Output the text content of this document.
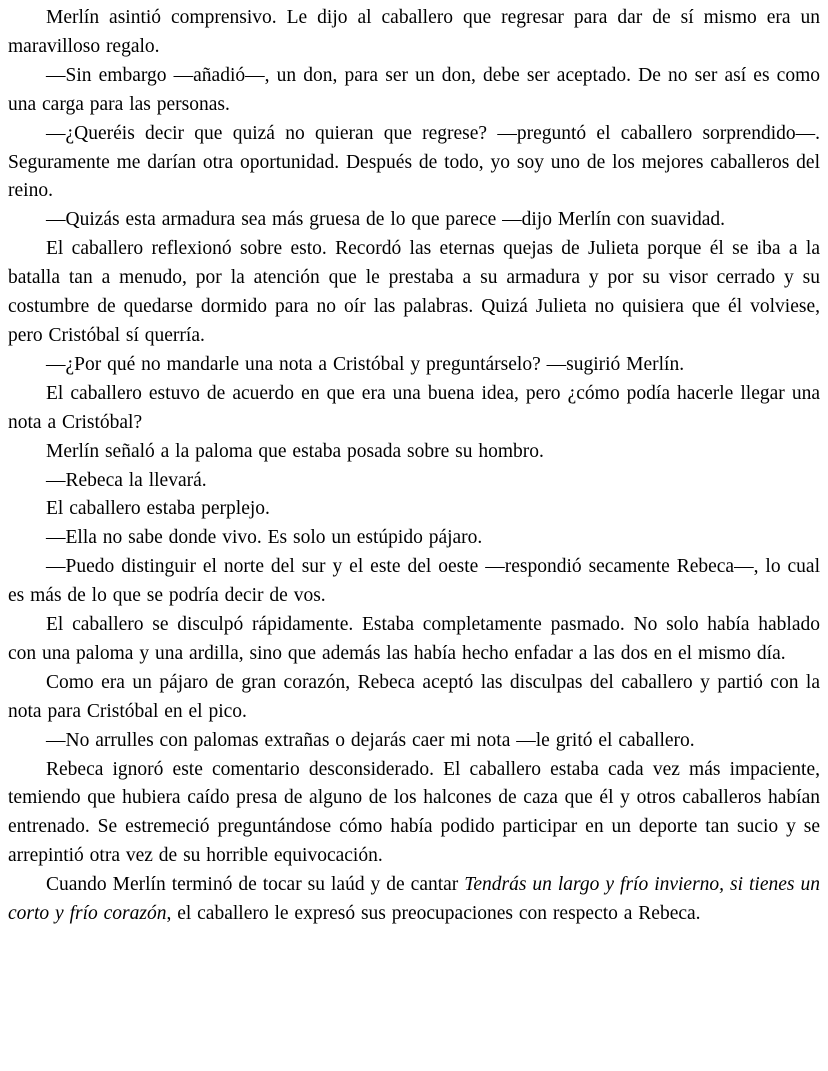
Merlín asintió comprensivo. Le dijo al caballero que regresar para dar de sí mismo era un maravilloso regalo.

—Sin embargo —añadió—, un don, para ser un don, debe ser aceptado. De no ser así es como una carga para las personas.

—¿Queréis decir que quizá no quieran que regrese? —preguntó el caballero sorprendido—. Seguramente me darían otra oportunidad. Después de todo, yo soy uno de los mejores caballeros del reino.

—Quizás esta armadura sea más gruesa de lo que parece —dijo Merlín con suavidad.

El caballero reflexionó sobre esto. Recordó las eternas quejas de Julieta porque él se iba a la batalla tan a menudo, por la atención que le prestaba a su armadura y por su visor cerrado y su costumbre de quedarse dormido para no oír las palabras. Quizá Julieta no quisiera que él volviese, pero Cristóbal sí querría.

—¿Por qué no mandarle una nota a Cristóbal y preguntárselo? —sugirió Merlín.

El caballero estuvo de acuerdo en que era una buena idea, pero ¿cómo podía hacerle llegar una nota a Cristóbal?

Merlín señaló a la paloma que estaba posada sobre su hombro.

—Rebeca la llevará.

El caballero estaba perplejo.

—Ella no sabe donde vivo. Es solo un estúpido pájaro.

—Puedo distinguir el norte del sur y el este del oeste —respondió secamente Rebeca—, lo cual es más de lo que se podría decir de vos.

El caballero se disculpó rápidamente. Estaba completamente pasmado. No solo había hablado con una paloma y una ardilla, sino que además las había hecho enfadar a las dos en el mismo día.

Como era un pájaro de gran corazón, Rebeca aceptó las disculpas del caballero y partió con la nota para Cristóbal en el pico.

—No arrulles con palomas extrañas o dejarás caer mi nota —le gritó el caballero.

Rebeca ignoró este comentario desconsiderado. El caballero estaba cada vez más impaciente, temiendo que hubiera caído presa de alguno de los halcones de caza que él y otros caballeros habían entrenado. Se estremeció preguntándose cómo había podido participar en un deporte tan sucio y se arrepintió otra vez de su horrible equivocación.

Cuando Merlín terminó de tocar su laúd y de cantar Tendrás un largo y frío invierno, si tienes un corto y frío corazón, el caballero le expresó sus preocupaciones con respecto a Rebeca.
